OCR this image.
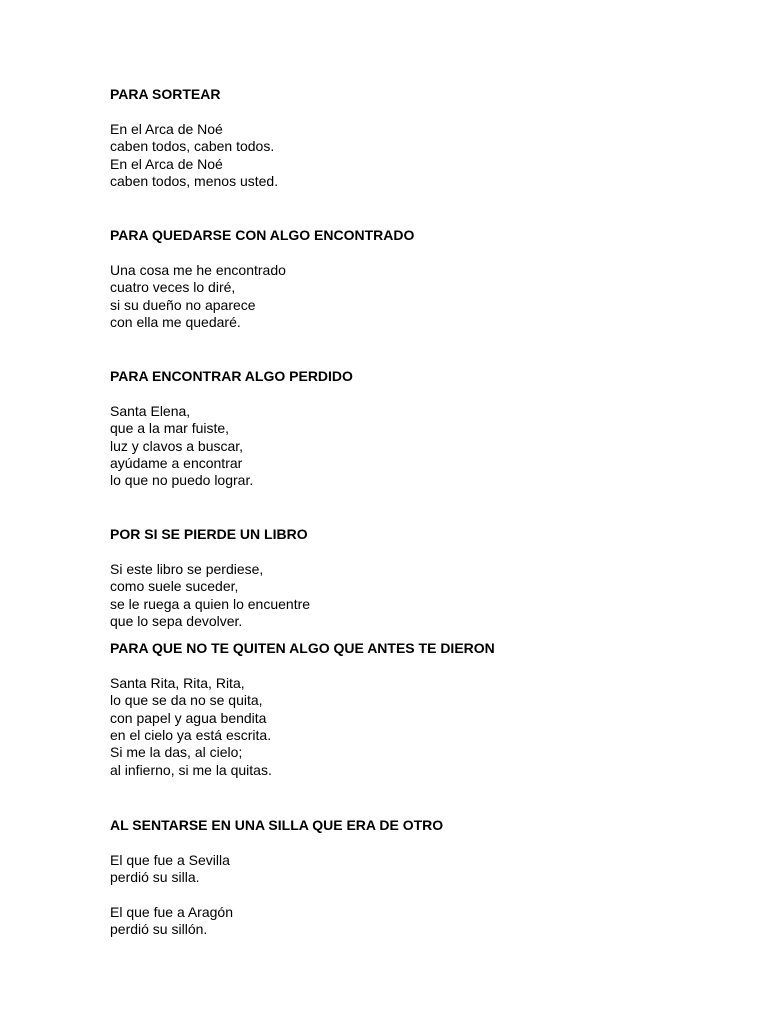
PARA SORTEAR
En el Arca de Noé
caben todos, caben todos.
En el Arca de Noé
caben todos, menos usted.
PARA QUEDARSE CON ALGO ENCONTRADO
Una cosa me he encontrado
cuatro veces lo diré,
si su dueño no aparece
con ella me quedaré.
PARA ENCONTRAR ALGO PERDIDO
Santa Elena,
que a la mar fuiste,
luz y clavos a buscar,
ayúdame a encontrar
lo que no puedo lograr.
POR SI SE PIERDE UN LIBRO
Si este libro se perdiese,
como suele suceder,
se le ruega a quien lo encuentre
que lo sepa devolver.
PARA QUE NO TE QUITEN ALGO QUE ANTES TE DIERON
Santa Rita, Rita, Rita,
lo que se da no se quita,
con papel y agua bendita
en el cielo ya está escrita.
Si me la das, al cielo;
al infierno, si me la quitas.
AL SENTARSE EN UNA SILLA QUE ERA DE OTRO
El que fue a Sevilla
perdió su silla.
El que fue a Aragón
perdió su sillón.
